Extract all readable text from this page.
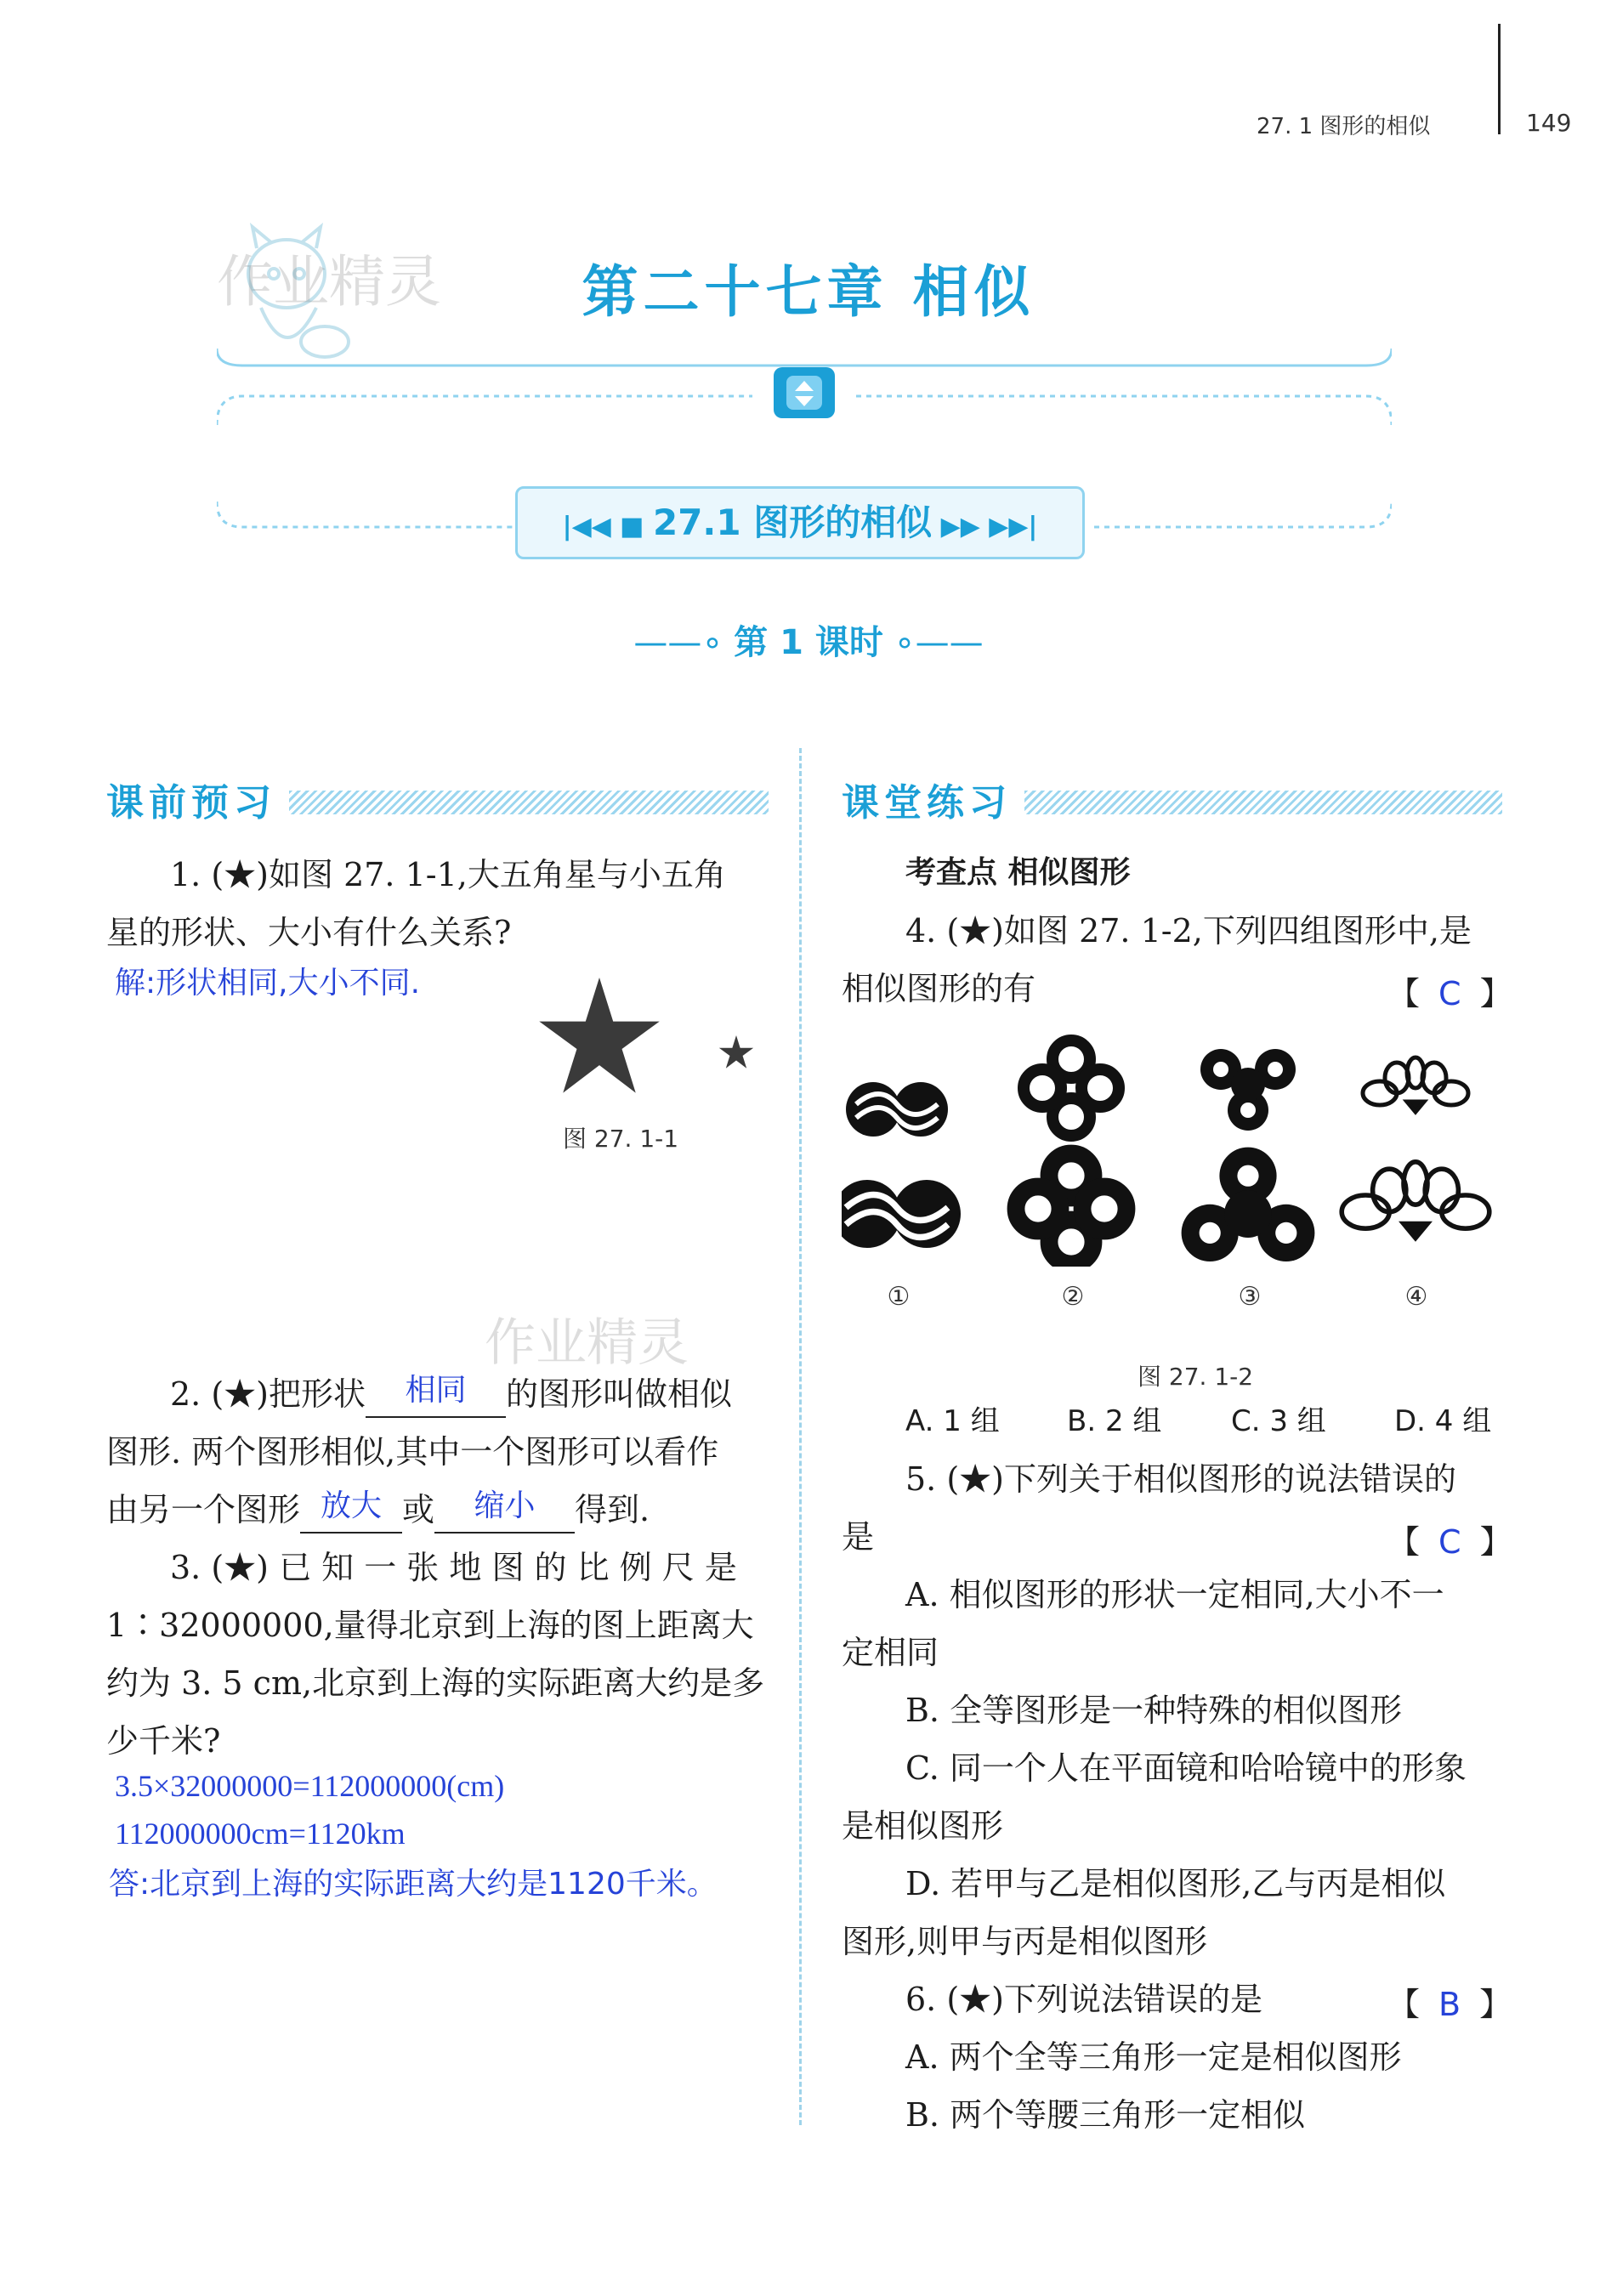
27. 1 图形的相似	149
作业精灵	第二十七章 相似
|◀◀ ■ 27.1 图形的相似 ▶▶ ▶▶|
——∘ 第 1 课时 ∘——
课前预习
1. (★)如图 27. 1-1,大五角星与小五角
星的形状、大小有什么关系?
解:形状相同,大小不同.
图 27. 1-1
作业精灵
2. (★)把形状 相同 的图形叫做相似
图形. 两个图形相似,其中一个图形可以看作
由另一个图形 放大 或 缩小 得到.
3. (★) 已 知 一 张 地 图 的 比 例 尺 是
1∶32000000,量得北京到上海的图上距离大
约为 3. 5 cm,北京到上海的实际距离大约是多
少千米?
3.5×32000000=112000000(cm)
112000000cm=1120km
答:北京到上海的实际距离大约是1120千米。
课堂练习
考查点 相似图形
4. (★)如图 27. 1-2,下列四组图形中,是
相似图形的有	【 C 】
①	②	③	④
图 27. 1-2
A. 1 组 B. 2 组 C. 3 组 D. 4 组
5. (★)下列关于相似图形的说法错误的
是	【 C 】
A. 相似图形的形状一定相同,大小不一
定相同
B. 全等图形是一种特殊的相似图形
C. 同一个人在平面镜和哈哈镜中的形象
是相似图形
D. 若甲与乙是相似图形,乙与丙是相似
图形,则甲与丙是相似图形
6. (★)下列说法错误的是	【 B 】
A. 两个全等三角形一定是相似图形
B. 两个等腰三角形一定相似
